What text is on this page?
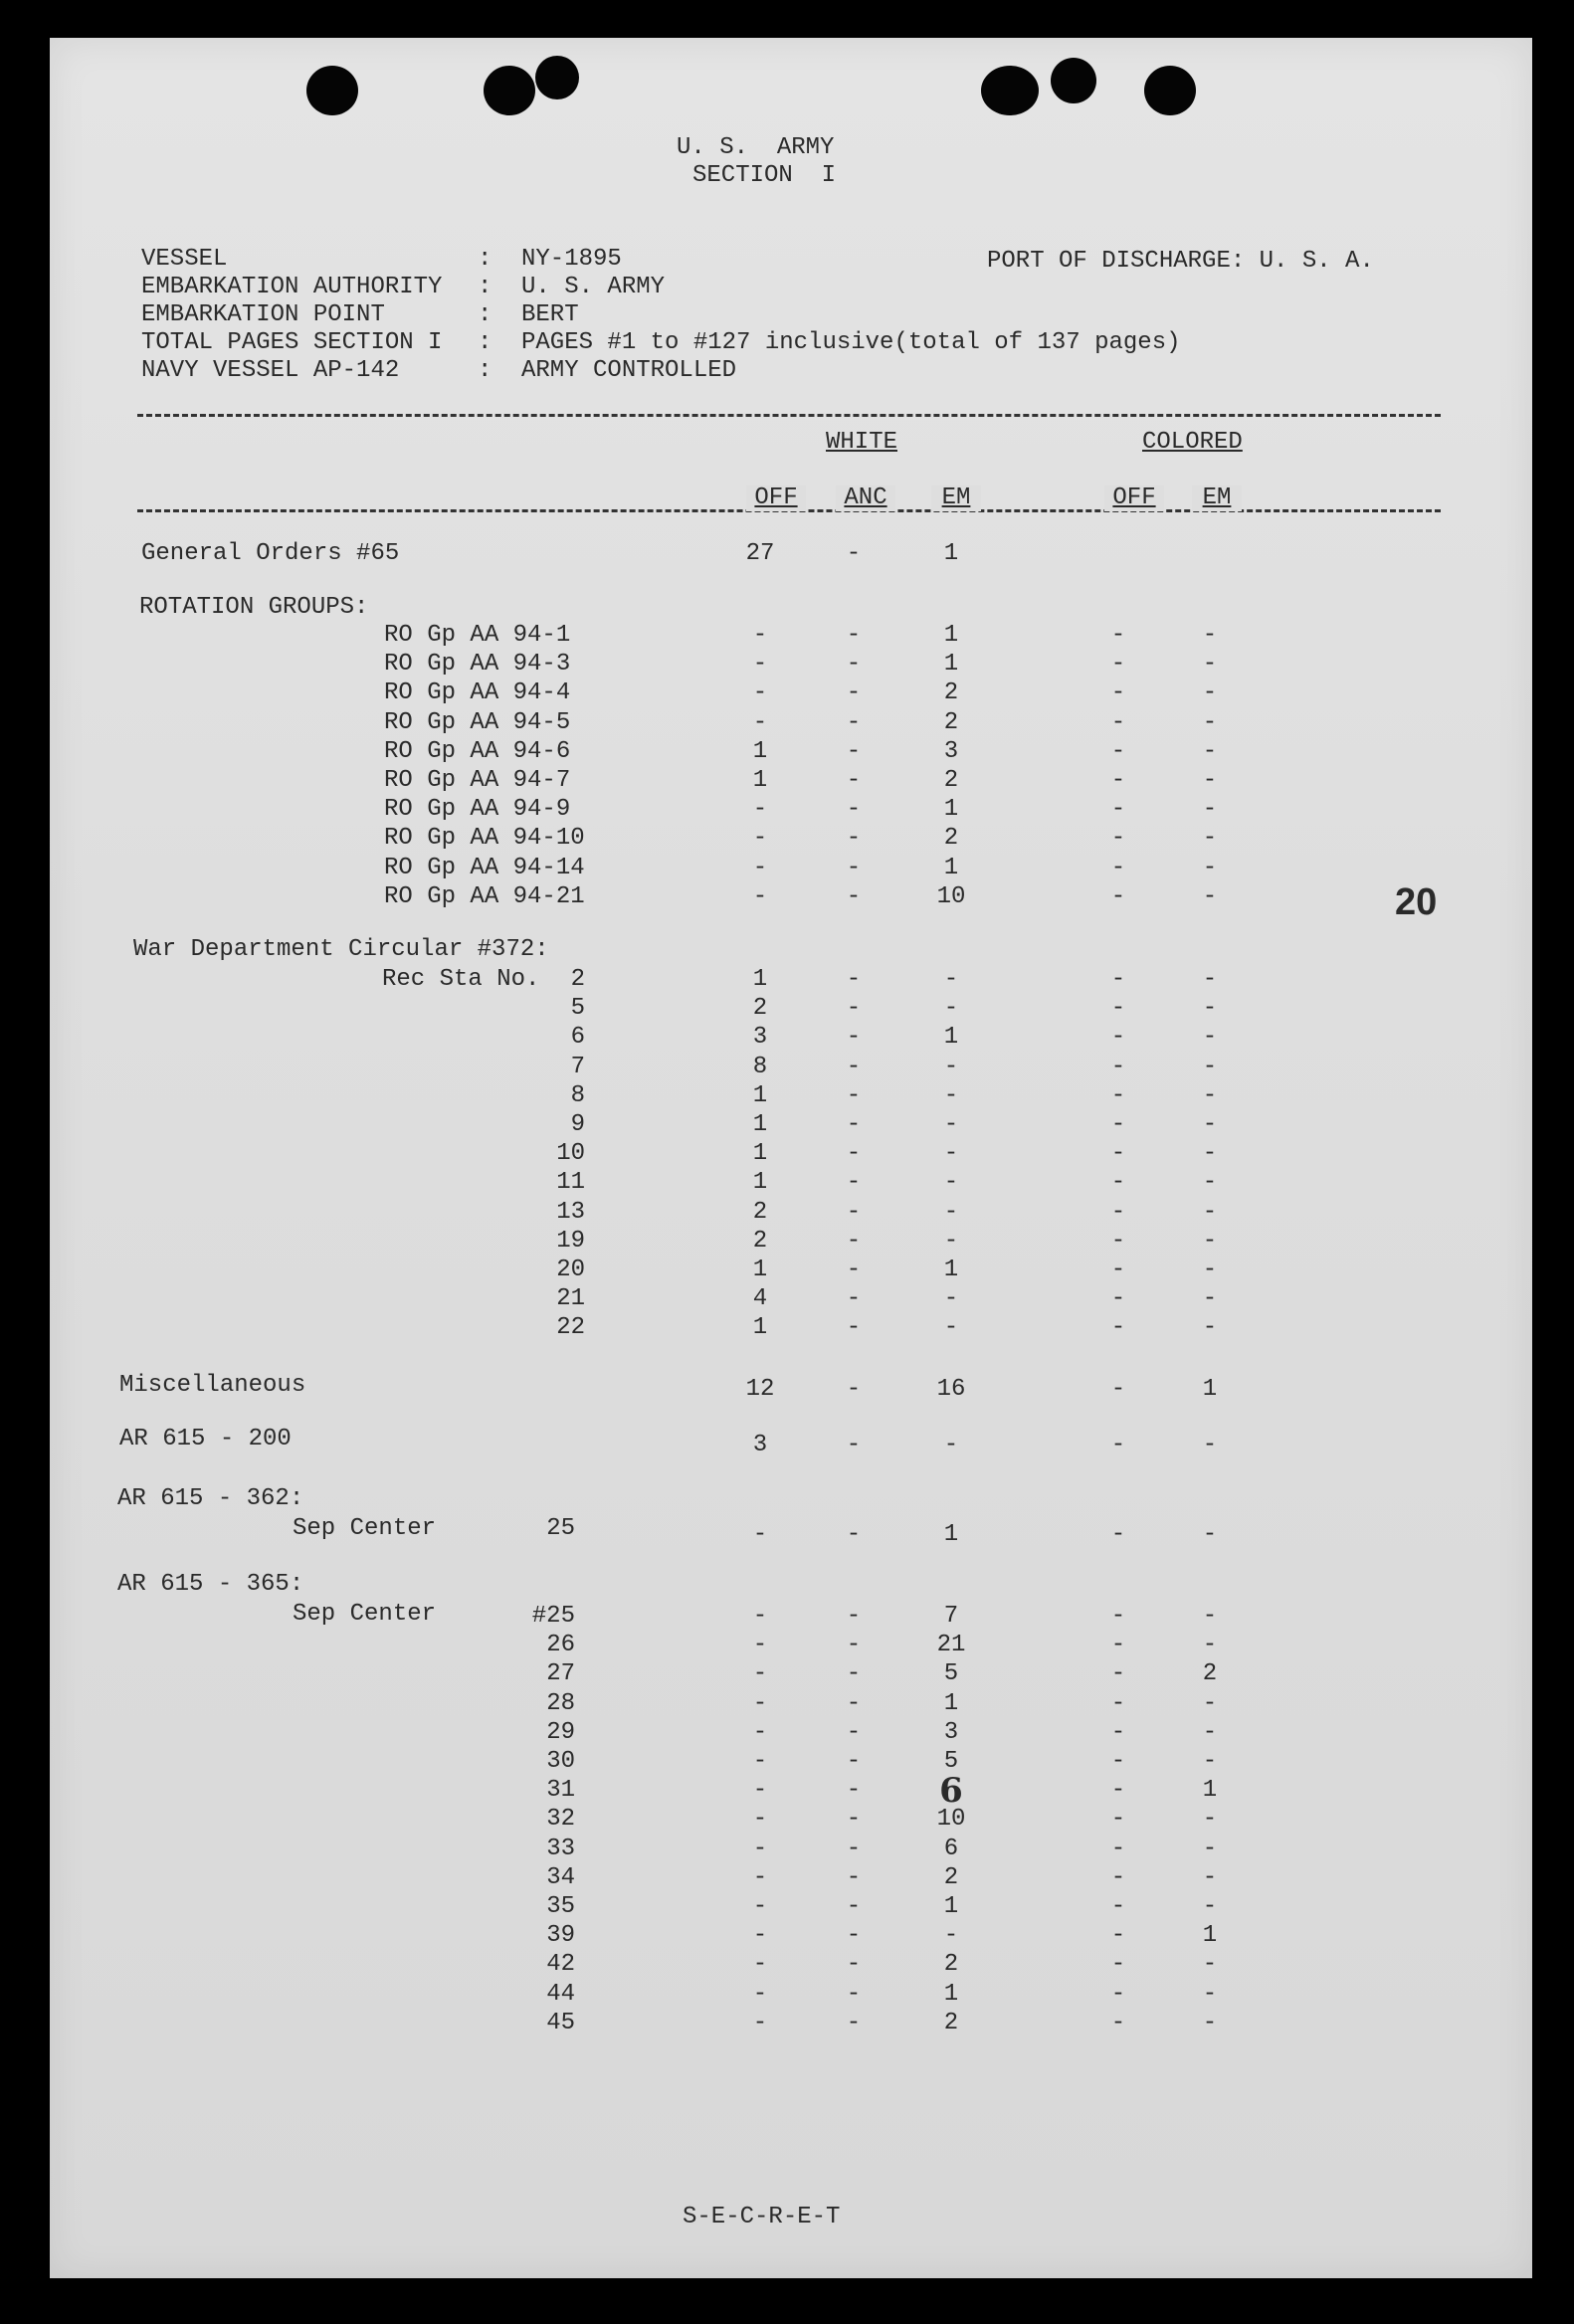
U. S.  ARMY
SECTION  I
VESSEL	: NY-1895
EMBARKATION AUTHORITY : U. S. ARMY
EMBARKATION POINT	: BERT
TOTAL PAGES SECTION I : PAGES #1 to #127 inclusive(total of 137 pages)
NAVY VESSEL AP-142	: ARMY CONTROLLED
PORT OF DISCHARGE: U. S. A.
WHITE	COLORED
OFF	ANC	EM	OFF	EM
General Orders #65	27	-	1
ROTATION GROUPS:
RO Gp AA 94-1	-	-	1	-	-
RO Gp AA 94-3	-	-	1	-	-
RO Gp AA 94-4	-	-	2	-	-
RO Gp AA 94-5	-	-	2	-	-
RO Gp AA 94-6	1	-	3	-	-
RO Gp AA 94-7	1	-	2	-	-
RO Gp AA 94-9	-	-	1	-	-
RO Gp AA 94-10	-	-	2	-	-
RO Gp AA 94-14	-	-	1	-	-
RO Gp AA 94-21	-	-	10	-	-
War Department Circular #372:
Rec Sta No.	2	1	-	-	-	-
5	2	-	-	-	-
6	3	-	1	-	-
7	8	-	-	-	-
8	1	-	-	-	-
9	1	-	-	-	-
10	1	-	-	-	-
11	1	-	-	-	-
13	2	-	-	-	-
19	2	-	-	-	-
20	1	-	1	-	-
21	4	-	-	-	-
22	1	-	-	-	-
Miscellaneous	12	-	16	-	1
AR 615 - 200	3	-	-	-	-
AR 615 - 362:
Sep Center	25	-	-	1	-	-
AR 615 - 365:
Sep Center	#25	-	-	7	-	-
26	-	-	21	-	-
27	-	-	5	-	2
28	-	-	1	-	-
29	-	-	3	-	-
30	-	-	5	-	-
31	-	-	6	-	1
32	-	-	10	-	-
33	-	-	6	-	-
34	-	-	2	-	-
35	-	-	1	-	-
39	-	-	-	-	1
42	-	-	2	-	-
44	-	-	1	-	-
45	-	-	2	-	-
20
S-E-C-R-E-T
